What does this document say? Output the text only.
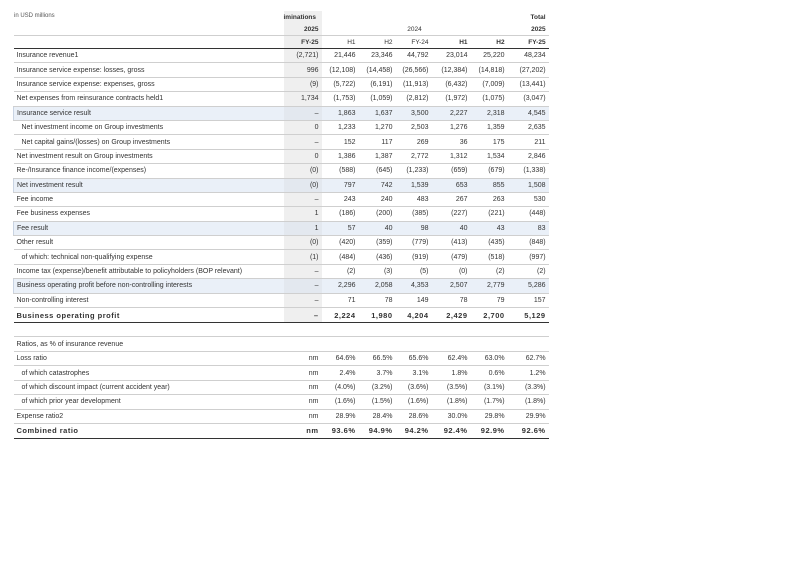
in USD millions
		iminations						Total
	2025	2024					2025
	FY-25	H1	H2	FY-24	H1	H2	FY-25
Insurance revenue1	(2,721)	21,446	23,346	44,792	23,014	25,220	48,234
Insurance service expense: losses, gross	996	(12,108)	(14,458)	(26,566)	(12,384)	(14,818)	(27,202)
Insurance service expense: expenses, gross	(9)	(5,722)	(6,191)	(11,913)	(6,432)	(7,009)	(13,441)
Net expenses from reinsurance contracts held1	1,734	(1,753)	(1,059)	(2,812)	(1,972)	(1,075)	(3,047)
Insurance service result	–	1,863	1,637	3,500	2,227	2,318	4,545
Net investment income on Group investments	0	1,233	1,270	2,503	1,276	1,359	2,635
Net capital gains/(losses) on Group investments	–	152	117	269	36	175	211
Net investment result on Group investments	0	1,386	1,387	2,772	1,312	1,534	2,846
Re-/Insurance finance income/(expenses)	(0)	(588)	(645)	(1,233)	(659)	(679)	(1,338)
Net investment result	(0)	797	742	1,539	653	855	1,508
Fee income	–	243	240	483	267	263	530
Fee business expenses	1	(186)	(200)	(385)	(227)	(221)	(448)
Fee result	1	57	40	98	40	43	83
Other result	(0)	(420)	(359)	(779)	(413)	(435)	(848)
of which: technical non-qualifying expense	(1)	(484)	(436)	(919)	(479)	(518)	(997)
Income tax (expense)/benefit attributable to policyholders (BOP relevant)	–	(2)	(3)	(5)	(0)	(2)	(2)
Business operating profit before non-controlling interests	–	2,296	2,058	4,353	2,507	2,779	5,286
Non-controlling interest	–	71	78	149	78	79	157
Business operating profit	–	2,224	1,980	4,204	2,429	2,700	5,129

Ratios, as % of insurance revenue							
Loss ratio	nm	64.6%	66.5%	65.6%	62.4%	63.0%	62.7%
of which catastrophes	nm	2.4%	3.7%	3.1%	1.8%	0.6%	1.2%
of which discount impact (current accident year)	nm	(4.0%)	(3.2%)	(3.6%)	(3.5%)	(3.1%)	(3.3%)
of which prior year development	nm	(1.6%)	(1.5%)	(1.6%)	(1.8%)	(1.7%)	(1.8%)
Expense ratio2	nm	28.9%	28.4%	28.6%	30.0%	29.8%	29.9%
Combined ratio	nm	93.6%	94.9%	94.2%	92.4%	92.9%	92.6%
